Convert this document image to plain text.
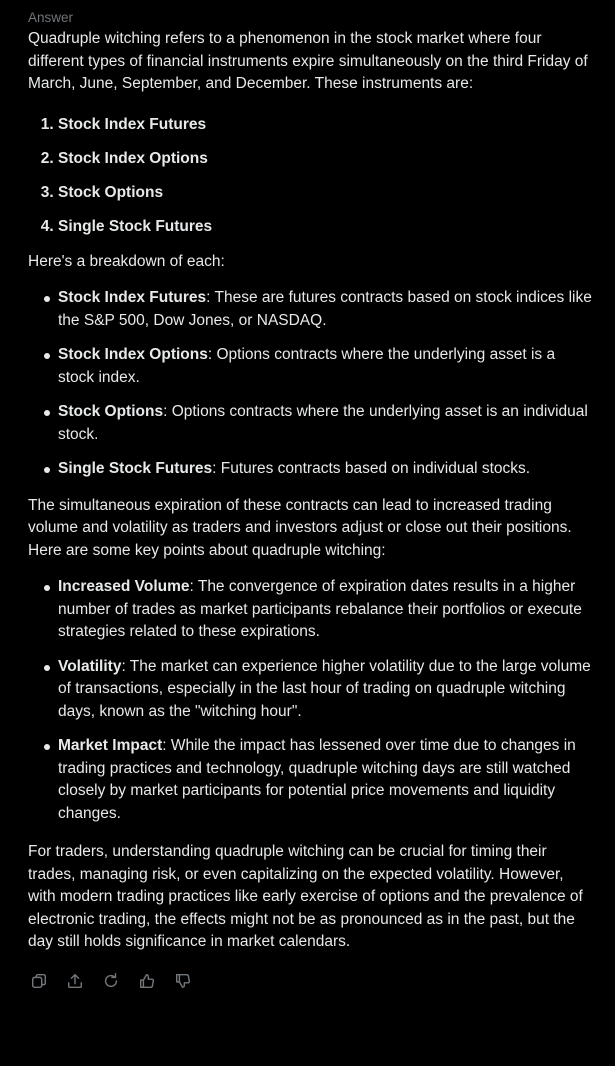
Answer

Quadruple witching refers to a phenomenon in the stock market where four different types of financial instruments expire simultaneously on the third Friday of March, June, September, and December. These instruments are:

1. Stock Index Futures
2. Stock Index Options
3. Stock Options
4. Single Stock Futures

Here's a breakdown of each:

Stock Index Futures: These are futures contracts based on stock indices like the S&P 500, Dow Jones, or NASDAQ.
Stock Index Options: Options contracts where the underlying asset is a stock index.
Stock Options: Options contracts where the underlying asset is an individual stock.
Single Stock Futures: Futures contracts based on individual stocks.

The simultaneous expiration of these contracts can lead to increased trading volume and volatility as traders and investors adjust or close out their positions. Here are some key points about quadruple witching:

Increased Volume: The convergence of expiration dates results in a higher number of trades as market participants rebalance their portfolios or execute strategies related to these expirations.
Volatility: The market can experience higher volatility due to the large volume of transactions, especially in the last hour of trading on quadruple witching days, known as the "witching hour".
Market Impact: While the impact has lessened over time due to changes in trading practices and technology, quadruple witching days are still watched closely by market participants for potential price movements and liquidity changes.

For traders, understanding quadruple witching can be crucial for timing their trades, managing risk, or even capitalizing on the expected volatility. However, with modern trading practices like early exercise of options and the prevalence of electronic trading, the effects might not be as pronounced as in the past, but the day still holds significance in market calendars.
